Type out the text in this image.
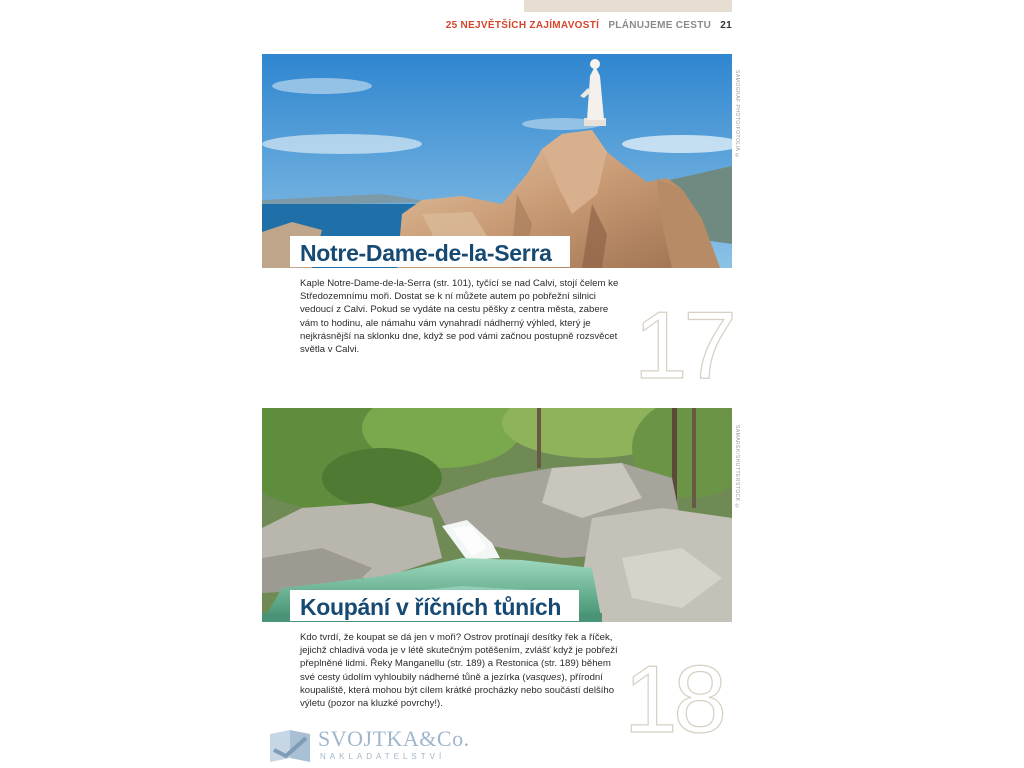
25 NEJVĚTŠÍCH ZAJÍMAVOSTÍ PLÁNUJEME CESTU 21
SAMOGRAF PHOTO/FOTOLIA ©
Notre-Dame-de-la-Serra

Kaple Notre-Dame-de-la-Serra (str. 101), tyčící se nad Calvi, stojí čelem ke Středozemnímu moři. Dostat se k ní můžete autem po pobřežní silnici vedoucí z Calvi. Pokud se vydáte na cestu pěšky z centra města, zabere vám to hodinu, ale námahu vám vynahradí nádherný výhled, který je nejkrásnější na sklonku dne, když se pod vámi začnou postupně rozsvěcet světla v Calvi.	17
SAMAREK/SHUTTERSTOCK ©
Koupání v říčních tůních

Kdo tvrdí, že koupat se dá jen v moři? Ostrov protínají desítky řek a říček, jejichž chladivá voda je v létě skutečným potěšením, zvlášť když je pobřeží přeplněné lidmi. Řeky Manganellu (str. 189) a Restonica (str. 189) během své cesty údolím vyhloubily nádherné tůně a jezírka (vasques), přírodní koupaliště, která mohou být cílem krátké procházky nebo součástí delšího výletu (pozor na kluzké povrchy!).	18
SVOJTKA&Co.
NAKLADATELSTVÍ
